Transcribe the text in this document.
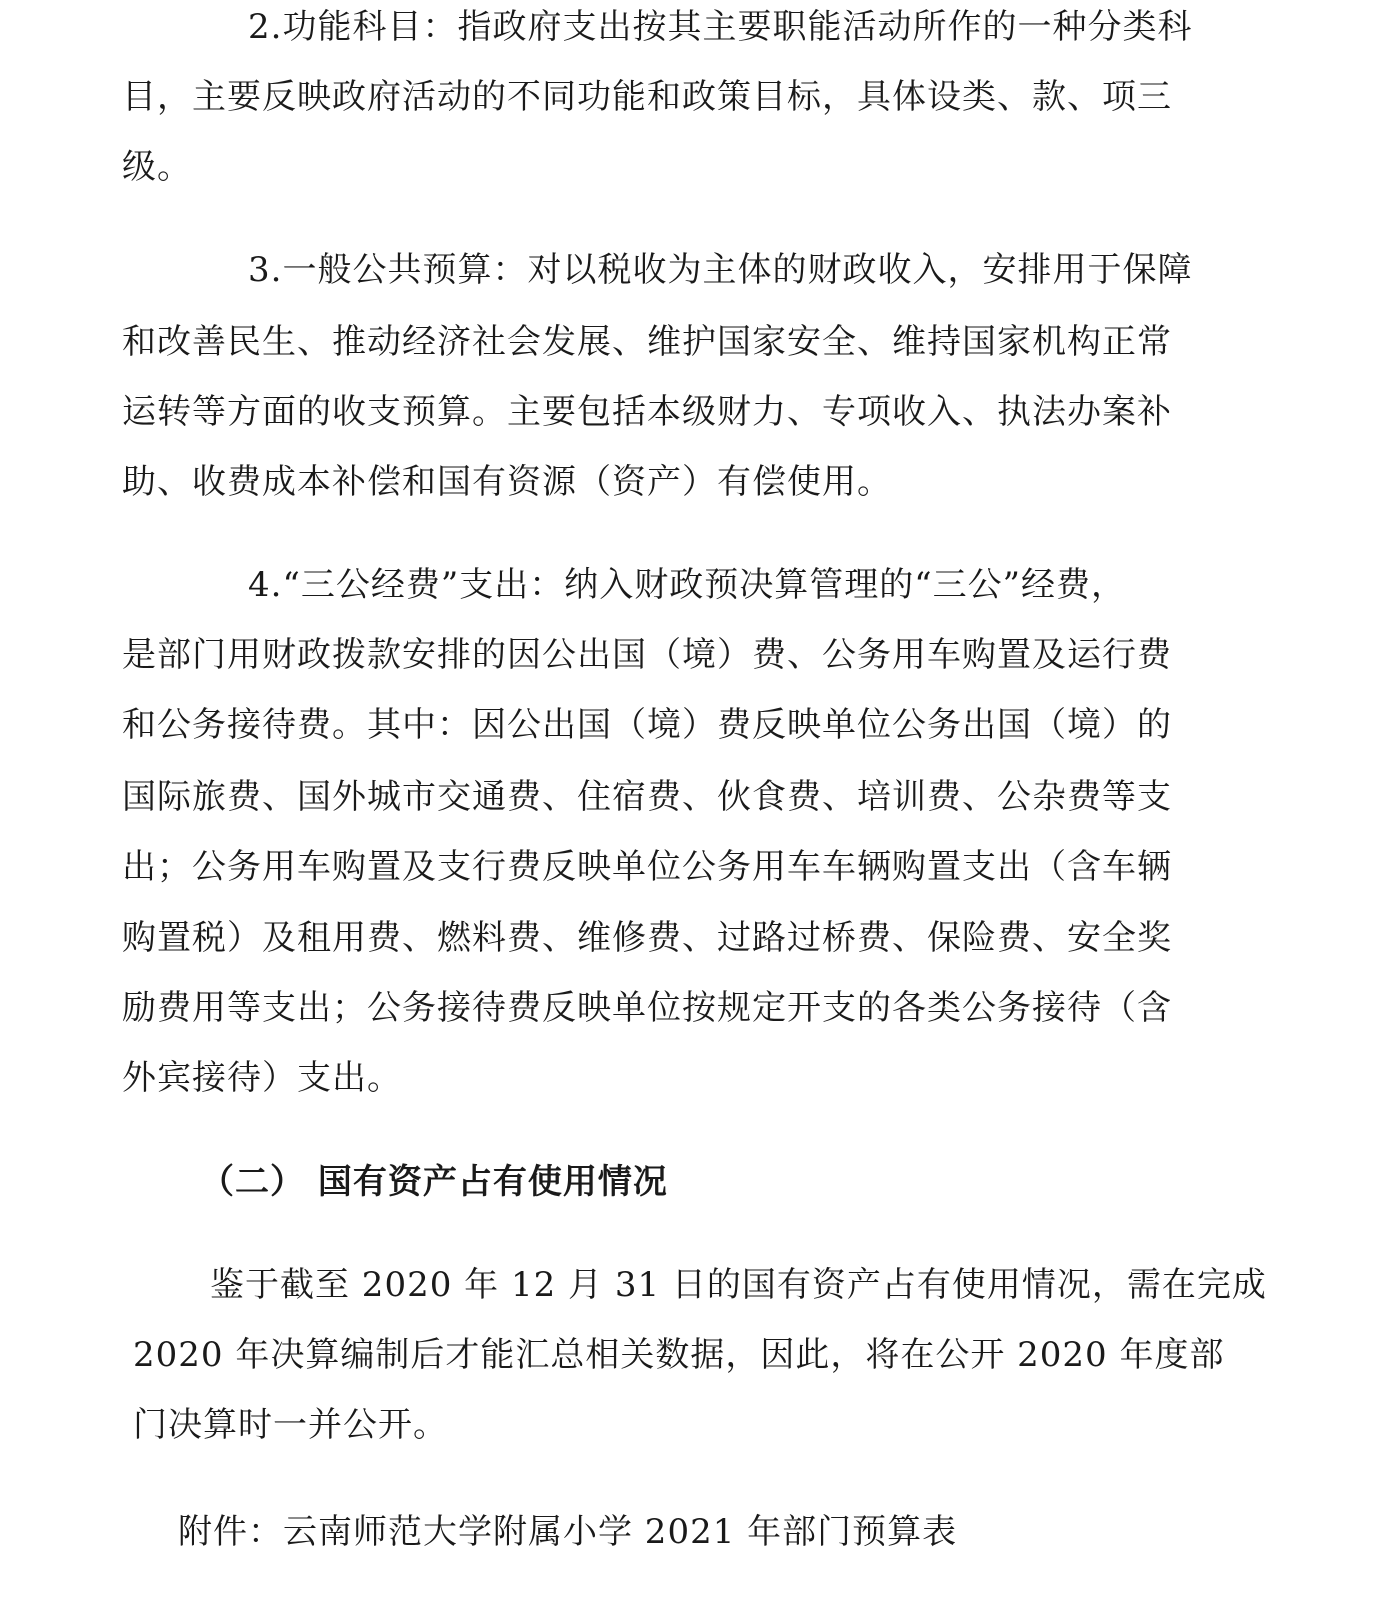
2.功能科目：指政府支出按其主要职能活动所作的一种分类科

目，主要反映政府活动的不同功能和政策目标，具体设类、款、项三

级。

3.一般公共预算：对以税收为主体的财政收入，安排用于保障

和改善民生、推动经济社会发展、维护国家安全、维持国家机构正常

运转等方面的收支预算。主要包括本级财力、专项收入、执法办案补

助、收费成本补偿和国有资源（资产）有偿使用。

4.“三公经费”支出：纳入财政预决算管理的“三公”经费，

是部门用财政拨款安排的因公出国（境）费、公务用车购置及运行费

和公务接待费。其中：因公出国（境）费反映单位公务出国（境）的

国际旅费、国外城市交通费、住宿费、伙食费、培训费、公杂费等支

出；公务用车购置及支行费反映单位公务用车车辆购置支出（含车辆

购置税）及租用费、燃料费、维修费、过路过桥费、保险费、安全奖

励费用等支出；公务接待费反映单位按规定开支的各类公务接待（含

外宾接待）支出。

（二） 国有资产占有使用情况

鉴于截至 2020 年 12 月 31 日的国有资产占有使用情况，需在完成

2020 年决算编制后才能汇总相关数据，因此，将在公开 2020 年度部

门决算时一并公开。

附件：云南师范大学附属小学 2021 年部门预算表
